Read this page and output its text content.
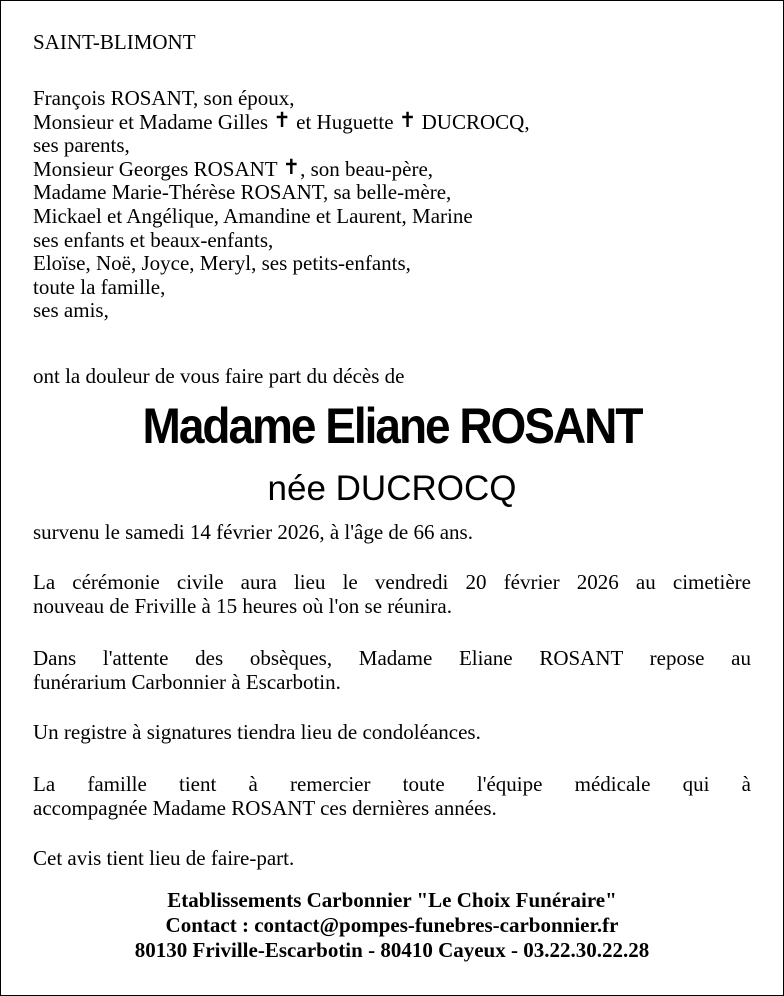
SAINT-BLIMONT
François ROSANT, son époux,
Monsieur et Madame Gilles ✝ et Huguette ✝ DUCROCQ,
ses parents,
Monsieur Georges ROSANT ✝, son beau-père,
Madame Marie-Thérèse ROSANT, sa belle-mère,
Mickael et Angélique, Amandine et Laurent, Marine
ses enfants et beaux-enfants,
Eloïse, Noë, Joyce, Meryl, ses petits-enfants,
toute la famille,
ses amis,
ont la douleur de vous faire part du décès de
Madame Eliane ROSANT
née DUCROCQ
survenu le samedi 14 février 2026, à l'âge de 66 ans.
La cérémonie civile aura lieu le vendredi 20 février 2026 au cimetière
nouveau de Friville à 15 heures où l'on se réunira.
Dans l'attente des obsèques, Madame Eliane ROSANT repose au
funérarium Carbonnier à Escarbotin.
Un registre à signatures tiendra lieu de condoléances.
La famille tient à remercier toute l'équipe médicale qui à
accompagnée Madame ROSANT ces dernières années.
Cet avis tient lieu de faire-part.
Etablissements Carbonnier "Le Choix Funéraire"
Contact : contact@pompes-funebres-carbonnier.fr
80130 Friville-Escarbotin - 80410 Cayeux - 03.22.30.22.28
